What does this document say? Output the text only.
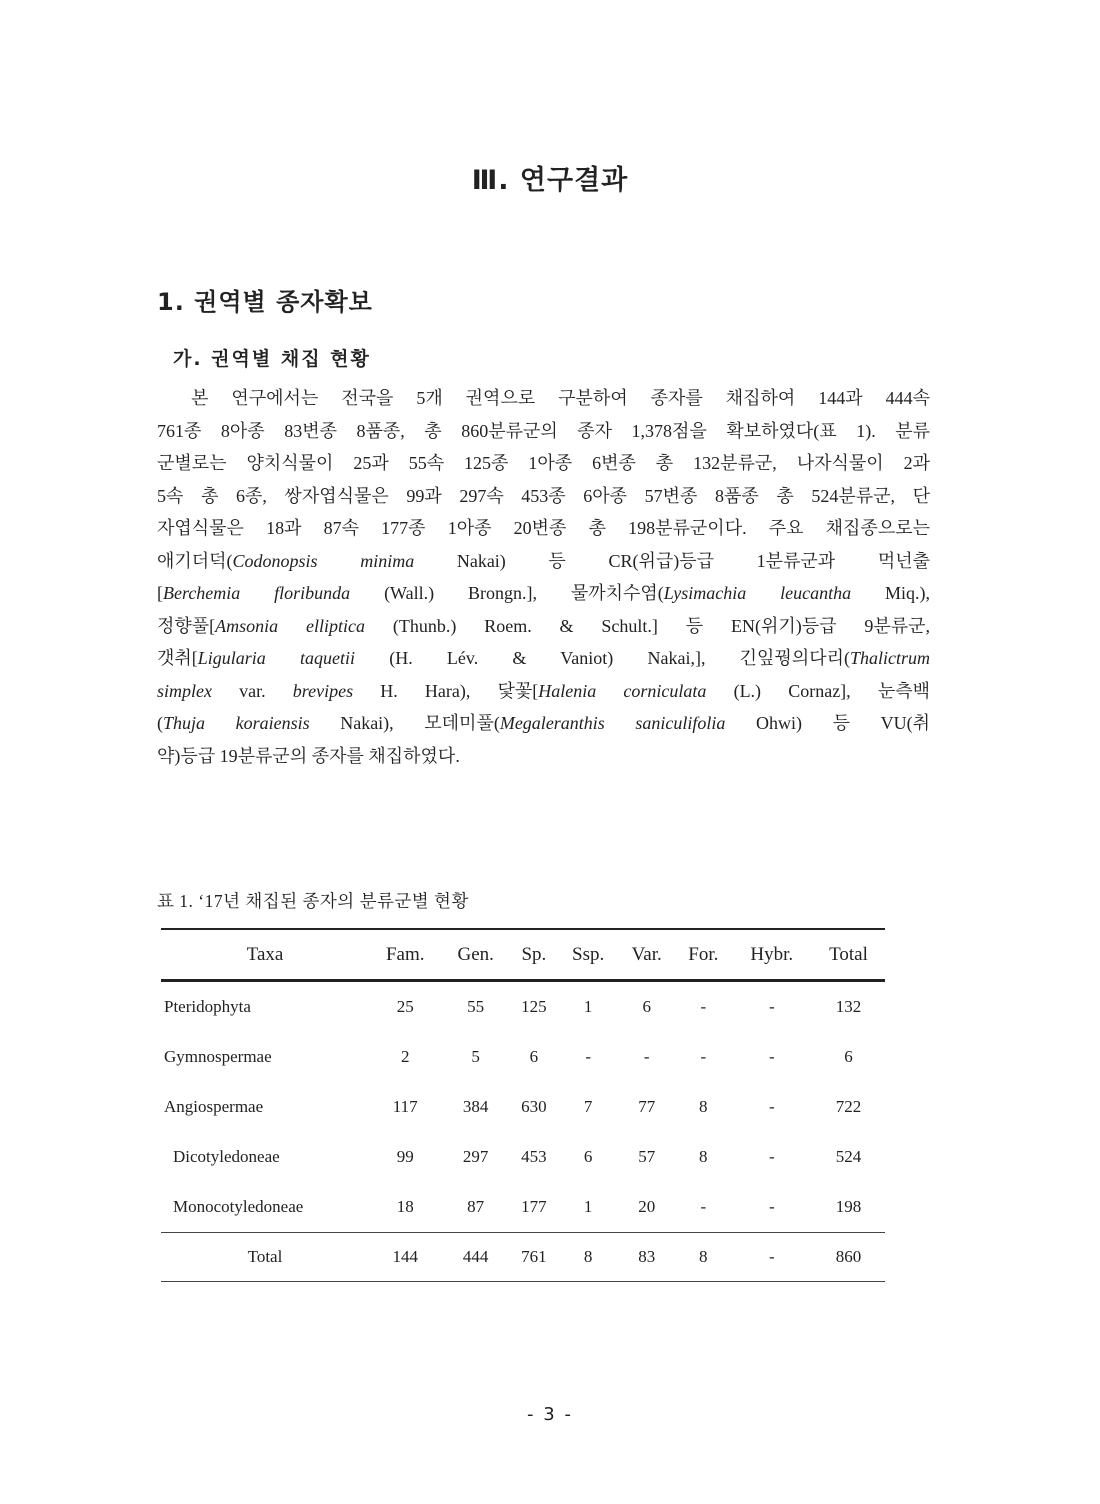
Ⅲ. 연구결과
1. 권역별 종자확보
가. 권역별 채집 현황
본 연구에서는 전국을 5개 권역으로 구분하여 종자를 채집하여 144과 444속
761종 8아종 83변종 8품종, 총 860분류군의 종자 1,378점을 확보하였다(표 1). 분류
군별로는 양치식물이 25과 55속 125종 1아종 6변종 총 132분류군, 나자식물이 2과
5속 총 6종, 쌍자엽식물은 99과 297속 453종 6아종 57변종 8품종 총 524분류군, 단
자엽식물은 18과 87속 177종 1아종 20변종 총 198분류군이다. 주요 채집종으로는
애기더덕(Codonopsis minima Nakai) 등 CR(위급)등급 1분류군과 먹넌출
[Berchemia floribunda (Wall.) Brongn.], 물까치수염(Lysimachia leucantha Miq.),
정향풀[Amsonia elliptica (Thunb.) Roem. & Schult.] 등 EN(위기)등급 9분류군,
갯취[Ligularia taquetii (H. Lév. & Vaniot) Nakai,], 긴잎꿩의다리(Thalictrum
simplex var. brevipes H. Hara), 닻꽃[Halenia corniculata (L.) Cornaz], 눈측백
(Thuja koraiensis Nakai), 모데미풀(Megaleranthis saniculifolia Ohwi) 등 VU(취
약)등급 19분류군의 종자를 채집하였다.
표 1. ‘17년 채집된 종자의 분류군별 현황
Taxa	Fam.	Gen.	Sp.	Ssp.	Var.	For.	Hybr.	Total
Pteridophyta	25	55	125	1	6	-	-	132
Gymnospermae	2	5	6	-	-	-	-	6
Angiospermae	117	384	630	7	77	8	-	722
Dicotyledoneae	99	297	453	6	57	8	-	524
Monocotyledoneae	18	87	177	1	20	-	-	198
Total	144	444	761	8	83	8	-	860
- 3 -
